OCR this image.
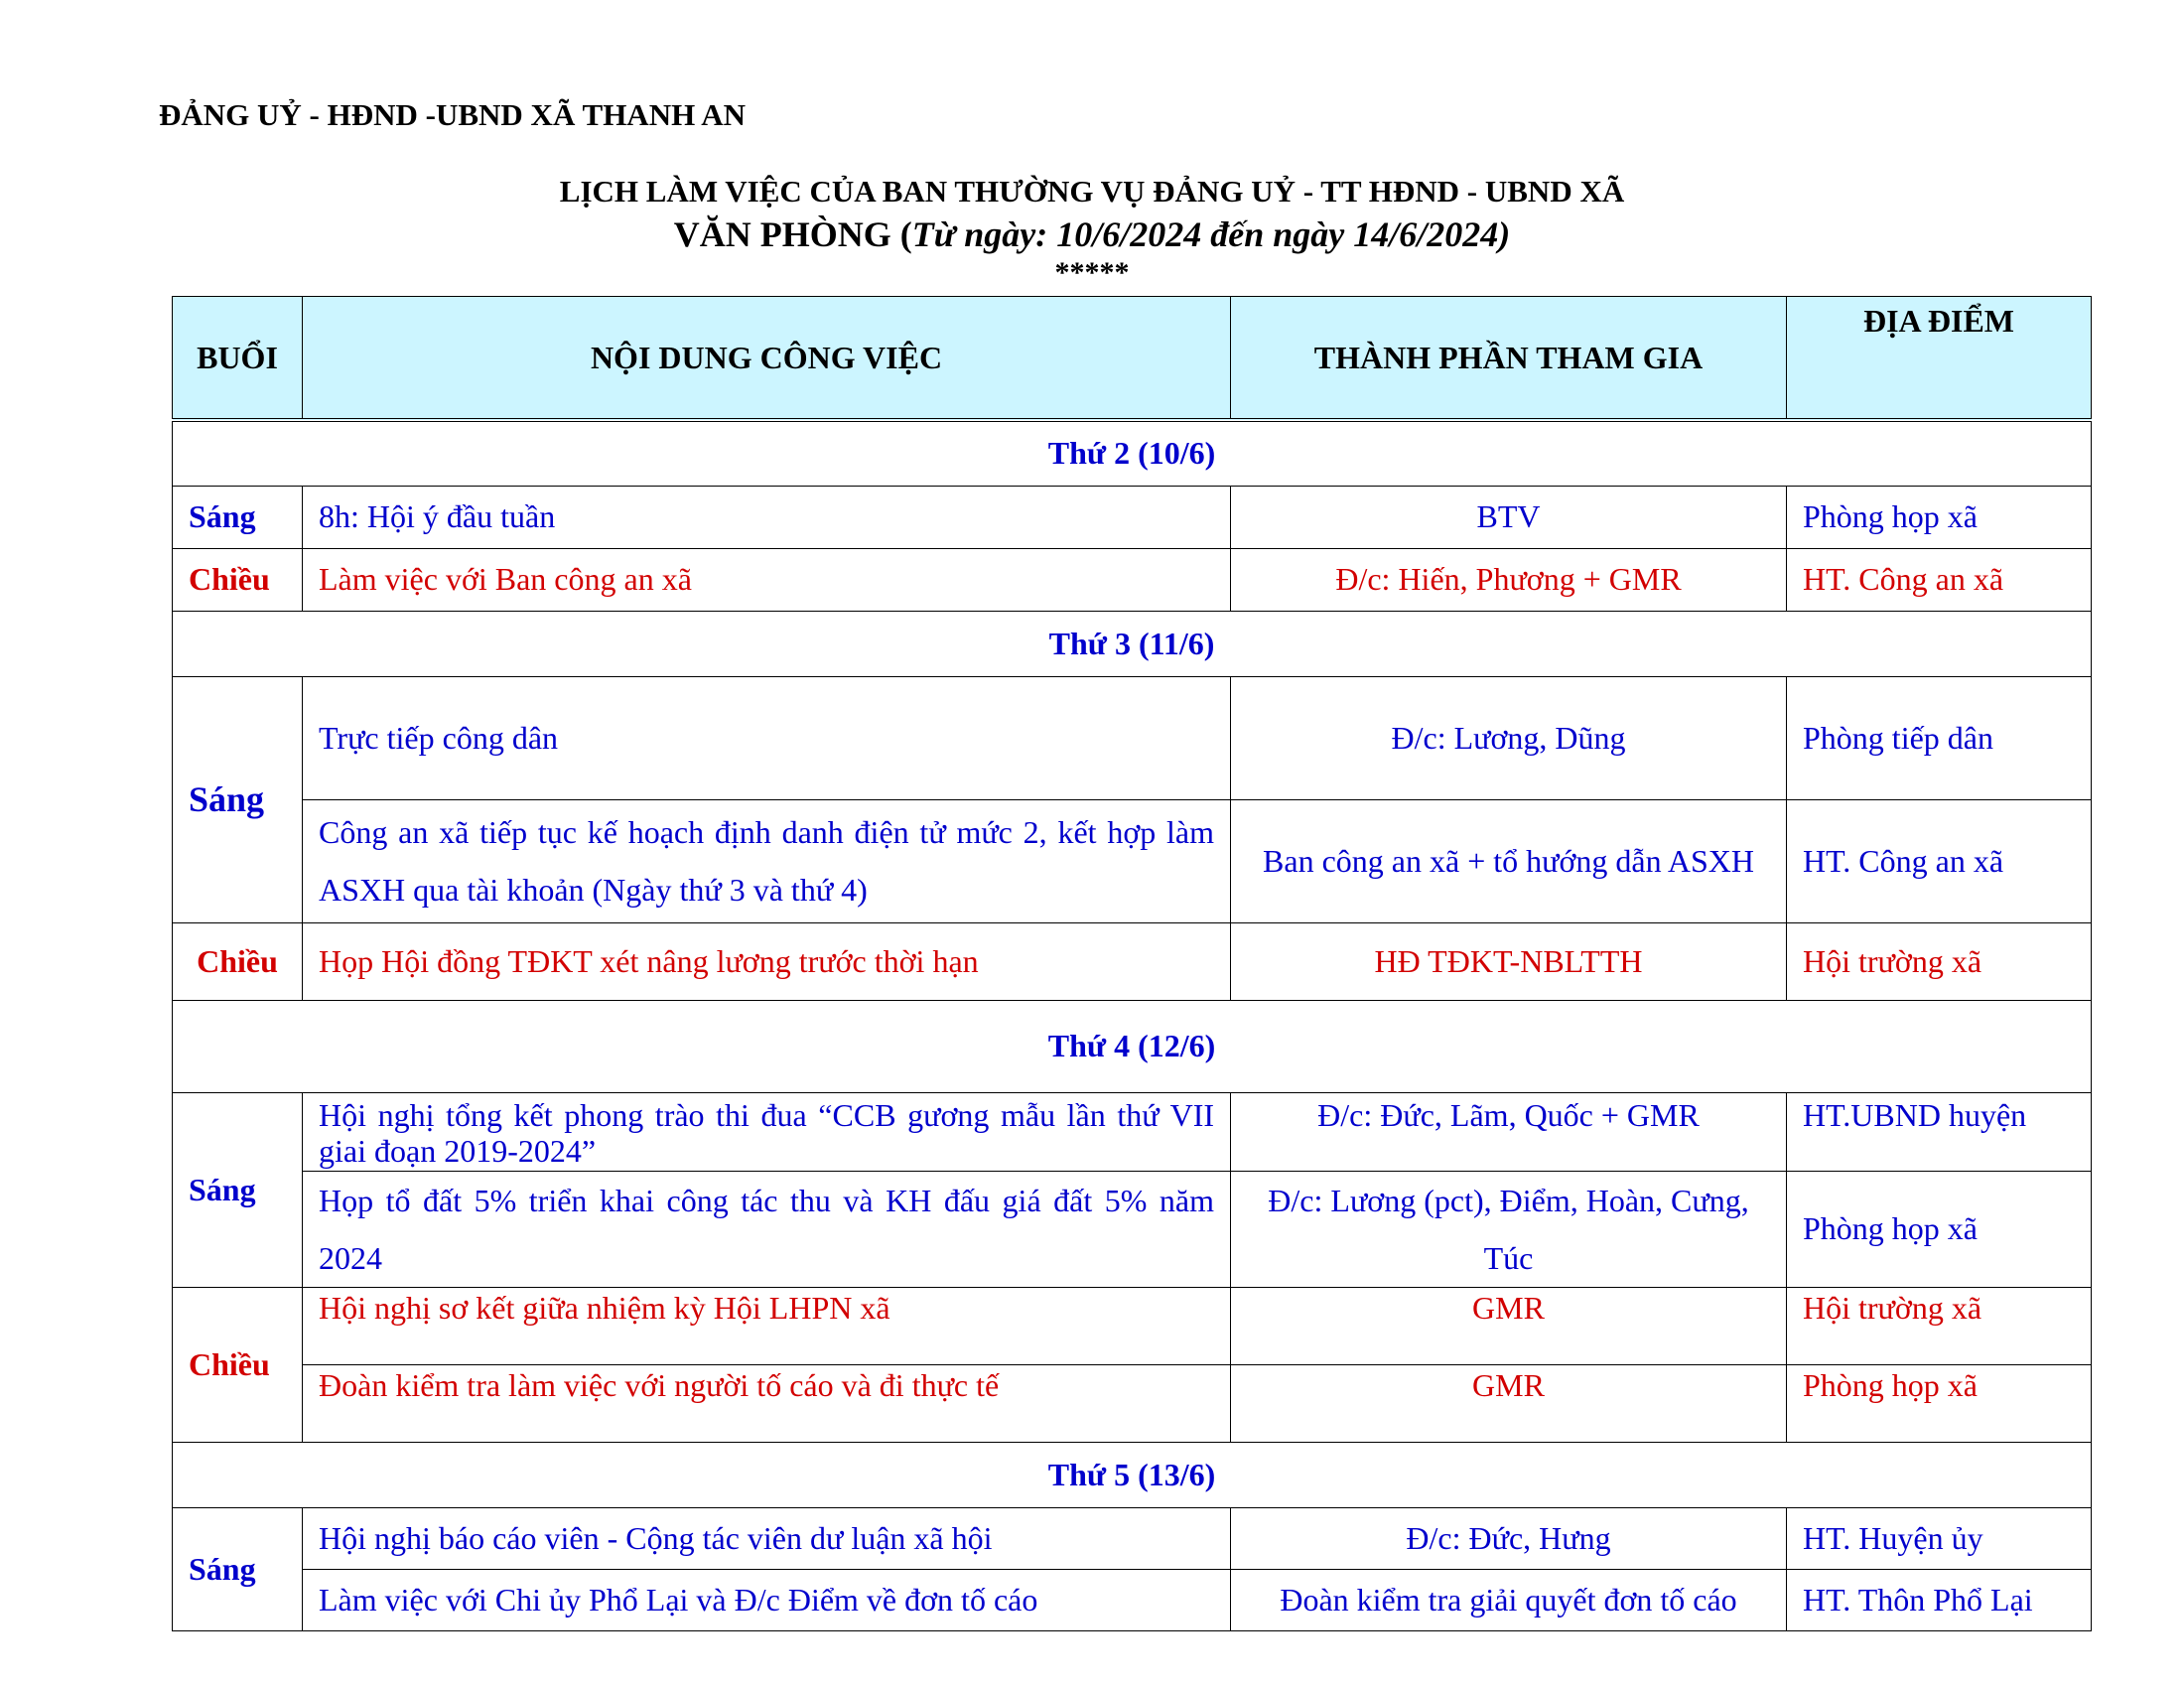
ĐẢNG UỶ - HĐND -UBND XÃ THANH AN
LỊCH LÀM VIỆC CỦA BAN THƯỜNG VỤ ĐẢNG UỶ - TT HĐND - UBND XÃ
VĂN PHÒNG (Từ ngày: 10/6/2024 đến ngày 14/6/2024)
*****
BUỔI	NỘI DUNG CÔNG VIỆC	THÀNH PHẦN THAM GIA	ĐỊA ĐIỂM
Thứ 2 (10/6)			
Sáng	8h: Hội ý đầu tuần	BTV	Phòng họp xã
Chiều	Làm việc với Ban công an xã	Đ/c: Hiến, Phương + GMR	HT. Công an xã
Thứ 3 (11/6)			
Sáng	Trực tiếp công dân	Đ/c: Lương, Dũng	Phòng tiếp dân
	Công an xã tiếp tục kế hoạch định danh điện tử mức 2, kết hợp làm ASXH qua tài khoản (Ngày thứ 3 và thứ 4)	Ban công an xã + tổ hướng dẫn ASXH	HT. Công an xã
Chiều	Họp Hội đồng TĐKT xét nâng lương trước thời hạn	HĐ TĐKT-NBLTTH	Hội trường xã
Thứ 4 (12/6)			
Sáng	Hội nghị tổng kết phong trào thi đua “CCB gương mẫu lần thứ VII giai đoạn 2019-2024”	Đ/c: Đức, Lãm, Quốc + GMR	HT.UBND huyện
	Họp tổ đất 5% triển khai công tác thu và KH đấu giá đất 5% năm 2024	Đ/c: Lương (pct), Điểm, Hoàn, Cưng, Túc	Phòng họp xã
Chiều	Hội nghị sơ kết giữa nhiệm kỳ Hội LHPN xã	GMR	Hội trường xã
	Đoàn kiểm tra làm việc với người tố cáo và đi thực tế	GMR	Phòng họp xã
Thứ 5 (13/6)			
Sáng	Hội nghị báo cáo viên - Cộng tác viên dư luận xã hội	Đ/c: Đức, Hưng	HT. Huyện ủy
	Làm việc với Chi ủy Phổ Lại và Đ/c Điểm về đơn tố cáo	Đoàn kiểm tra giải quyết đơn tố cáo	HT. Thôn Phổ Lại
